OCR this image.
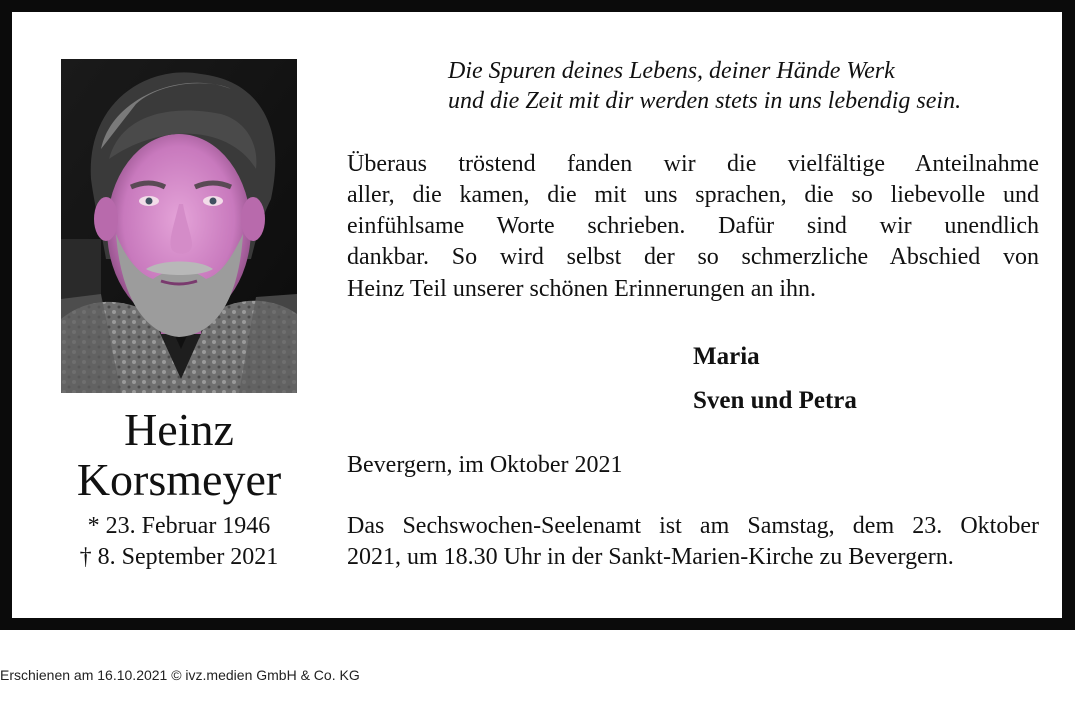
Heinz
Korsmeyer
* 23. Februar 1946
† 8. September 2021
Die Spuren deines Lebens, deiner Hände Werk
und die Zeit mit dir werden stets in uns lebendig sein.
Überaus tröstend fanden wir die vielfältige Anteilnahme
aller, die kamen, die mit uns sprachen, die so liebevolle und
einfühlsame Worte schrieben. Dafür sind wir unendlich
dankbar. So wird selbst der so schmerzliche Abschied von
Heinz Teil unserer schönen Erinnerungen an ihn.
Maria
Sven und Petra
Bevergern, im Oktober 2021
Das Sechswochen-Seelenamt ist am Samstag, dem 23. Oktober
2021, um 18.30 Uhr in der Sankt-Marien-Kirche zu Bevergern.
Erschienen am 16.10.2021 © ivz.medien GmbH & Co. KG
